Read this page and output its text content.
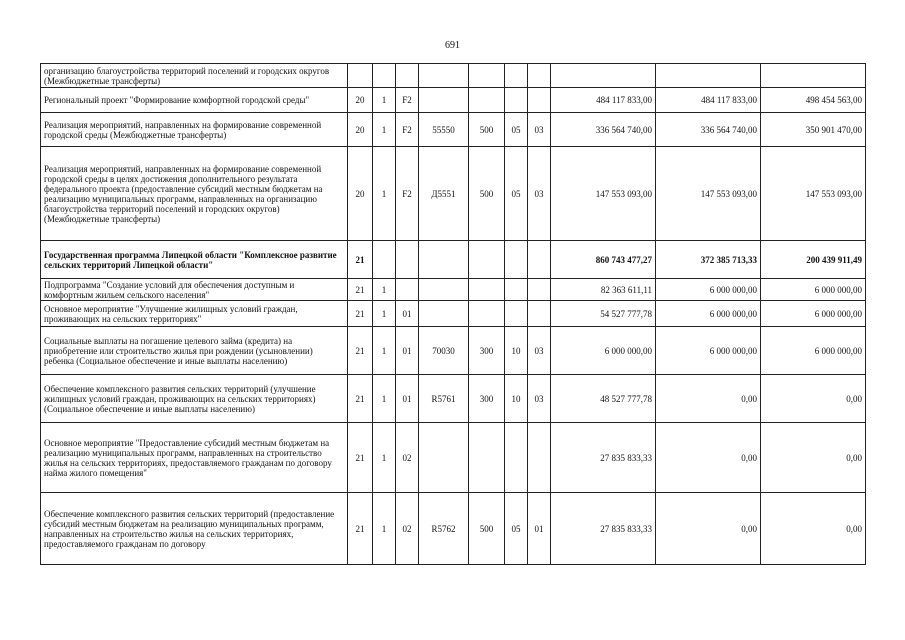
691
организацию благоустройства территорий поселений и городских округов (Межбюджетные трансферты)										
Региональный проект "Формирование комфортной городской среды"	20	1	F2					484 117 833,00	484 117 833,00	498 454 563,00
Реализация мероприятий, направленных на формирование современной городской среды (Межбюджетные трансферты)	20	1	F2	55550	500	05	03	336 564 740,00	336 564 740,00	350 901 470,00
Реализация мероприятий, направленных на формирование современной городской среды в целях достижения дополнительного результата федерального проекта (предоставление субсидий местным бюджетам на реализацию муниципальных программ, направленных на организацию благоустройства территорий поселений и городских округов) (Межбюджетные трансферты)	20	1	F2	Д5551	500	05	03	147 553 093,00	147 553 093,00	147 553 093,00
Государственная программа Липецкой области "Комплексное развитие сельских территорий Липецкой области"	21							860 743 477,27	372 385 713,33	200 439 911,49
Подпрограмма "Создание условий для обеспечения доступным и комфортным жильем сельского населения"	21	1						82 363 611,11	6 000 000,00	6 000 000,00
Основное мероприятие "Улучшение жилищных условий граждан, проживающих на сельских территориях"	21	1	01					54 527 777,78	6 000 000,00	6 000 000,00
Социальные выплаты на погашение целевого займа (кредита) на приобретение или строительство жилья при рождении (усыновлении) ребенка (Социальное обеспечение и иные выплаты населению)	21	1	01	70030	300	10	03	6 000 000,00	6 000 000,00	6 000 000,00
Обеспечение комплексного развития сельских территорий (улучшение жилищных условий граждан, проживающих на сельских территориях) (Социальное обеспечение и иные выплаты населению)	21	1	01	R5761	300	10	03	48 527 777,78	0,00	0,00
Основное мероприятие "Предоставление субсидий местным бюджетам на реализацию муниципальных программ, направленных на строительство жилья на сельских территориях, предоставляемого гражданам по договору найма жилого помещения"	21	1	02					27 835 833,33	0,00	0,00
Обеспечение комплексного развития сельских территорий (предоставление субсидий местным бюджетам на реализацию муниципальных программ, направленных на строительство жилья на сельских территориях, предоставляемого гражданам по договору	21	1	02	R5762	500	05	01	27 835 833,33	0,00	0,00
